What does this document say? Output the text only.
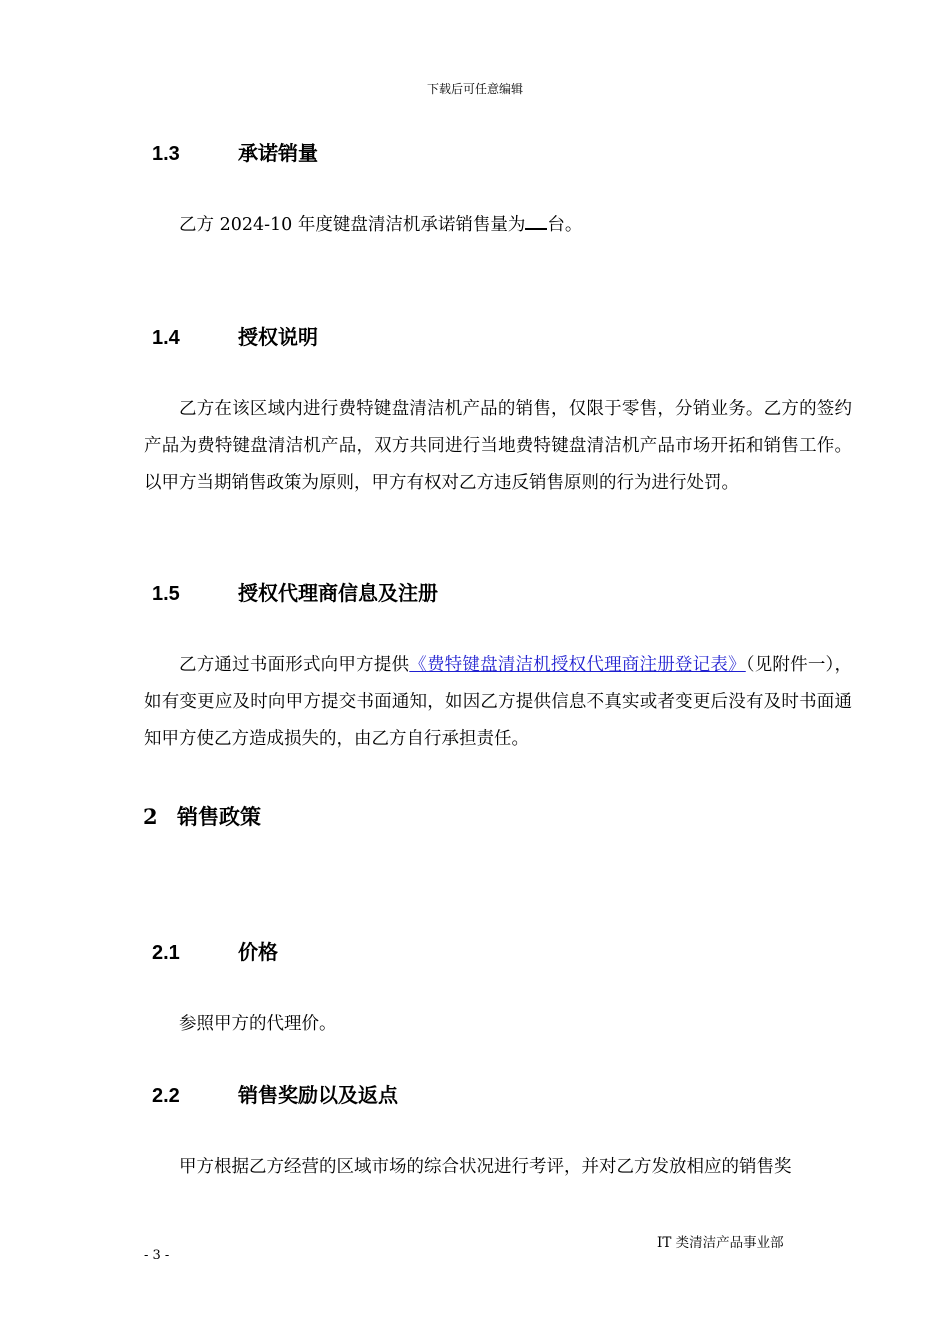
下载后可任意编辑
1.3	承诺销量
乙方 2024-10 年度键盘清洁机承诺销售量为 台。
1.4	授权说明
乙方在该区域内进行费特键盘清洁机产品的销售，仅限于零售，分销业务。乙方的签约产品为费特键盘清洁机产品，双方共同进行当地费特键盘清洁机产品市场开拓和销售工作。以甲方当期销售政策为原则，甲方有权对乙方违反销售原则的行为进行处罚。
1.5	授权代理商信息及注册
乙方通过书面形式向甲方提供《费特键盘清洁机授权代理商注册登记表》（见附件一），如有变更应及时向甲方提交书面通知，如因乙方提供信息不真实或者变更后没有及时书面通知甲方使乙方造成损失的，由乙方自行承担责任。
2 销售政策
2.1	价格
参照甲方的代理价。
2.2	销售奖励以及返点
甲方根据乙方经营的区域市场的综合状况进行考评，并对乙方发放相应的销售奖
IT 类清洁产品事业部
- 3 -
